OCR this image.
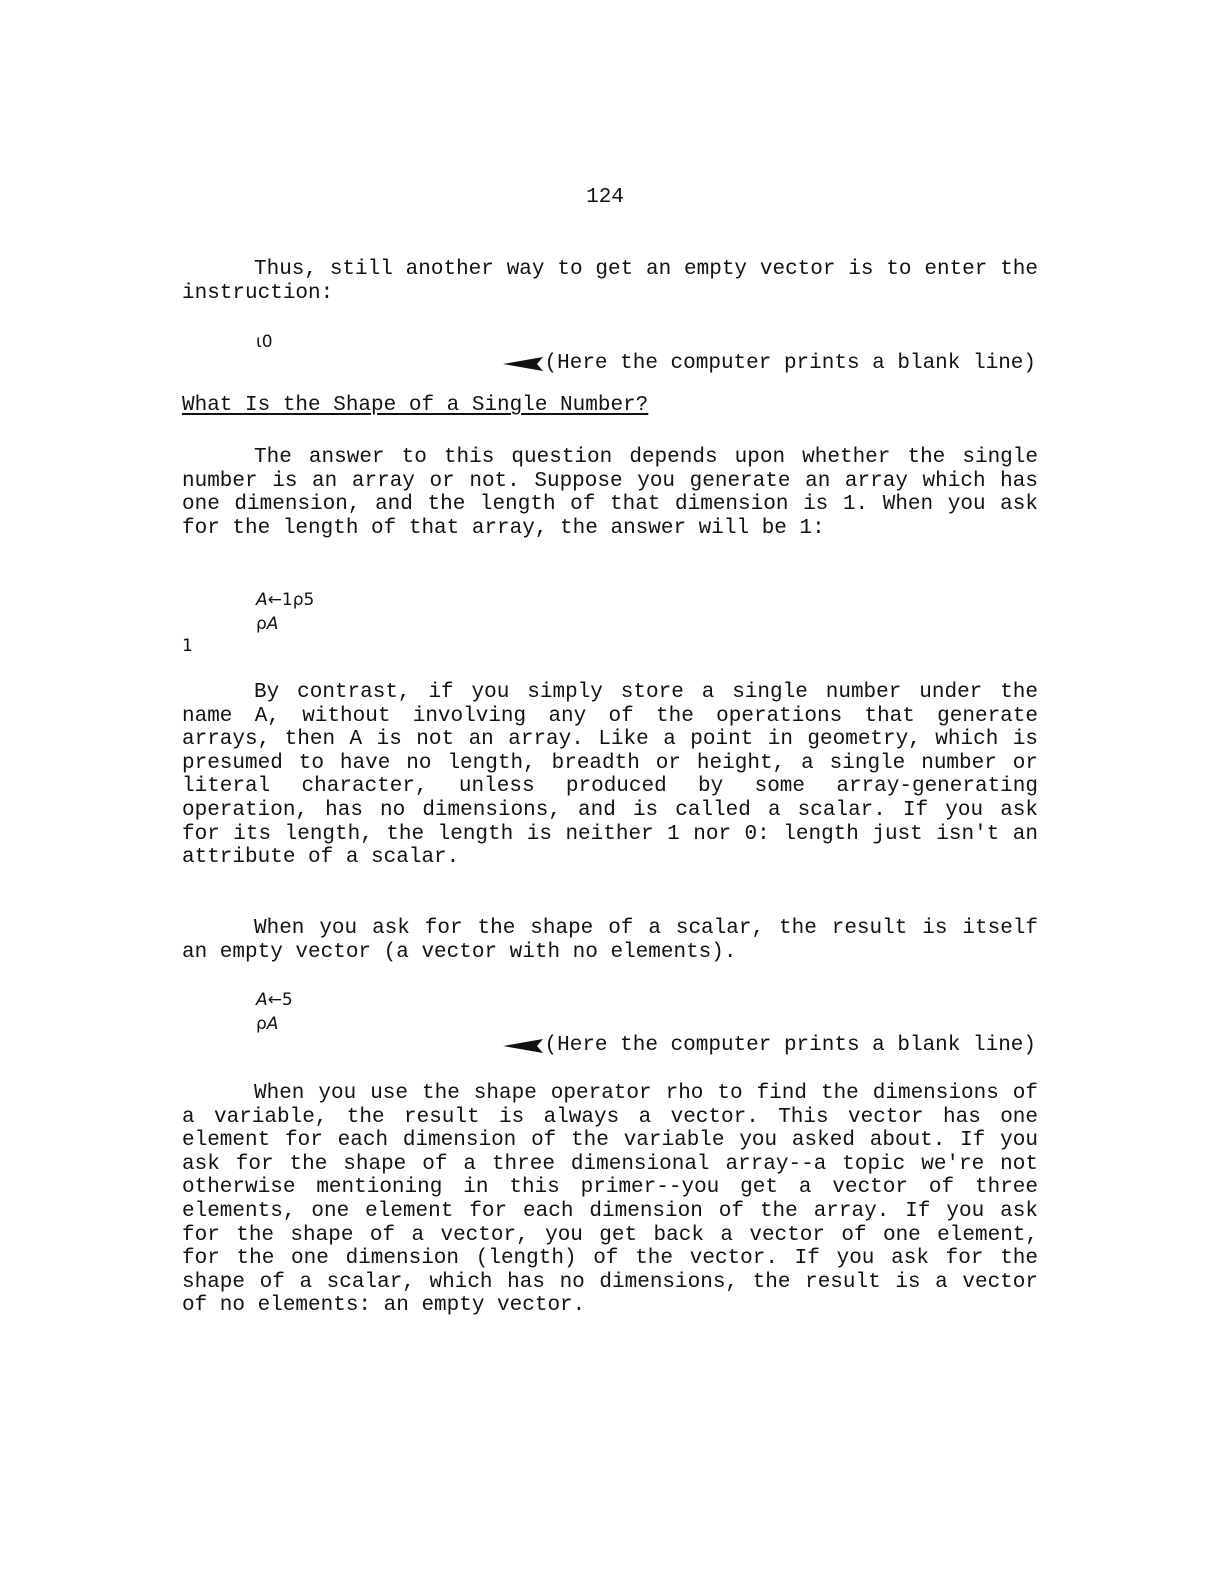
124

Thus, still another way to get an empty vector is to enter the instruction:

ι0
(Here the computer prints a blank line)
What Is the Shape of a Single Number?

The answer to this question depends upon whether the single number is an array or not. Suppose you generate an array which has one dimension, and the length of that dimension is 1. When you ask for the length of that array, the answer will be 1:

A←1ρ5
ρA
1

By contrast, if you simply store a single number under the name A, without involving any of the operations that generate arrays, then A is not an array. Like a point in geometry, which is presumed to have no length, breadth or height, a single number or literal character, unless produced by some array-generating operation, has no dimensions, and is called a scalar. If you ask for its length, the length is neither 1 nor 0: length just isn't an attribute of a scalar.

When you ask for the shape of a scalar, the result is itself an empty vector (a vector with no elements).

A←5
ρA
(Here the computer prints a blank line)

When you use the shape operator rho to find the dimensions of a variable, the result is always a vector. This vector has one element for each dimension of the variable you asked about. If you ask for the shape of a three dimensional array--a topic we're not otherwise mentioning in this primer--you get a vector of three elements, one element for each dimension of the array. If you ask for the shape of a vector, you get back a vector of one element, for the one dimension (length) of the vector. If you ask for the shape of a scalar, which has no dimensions, the result is a vector of no elements: an empty vector.
